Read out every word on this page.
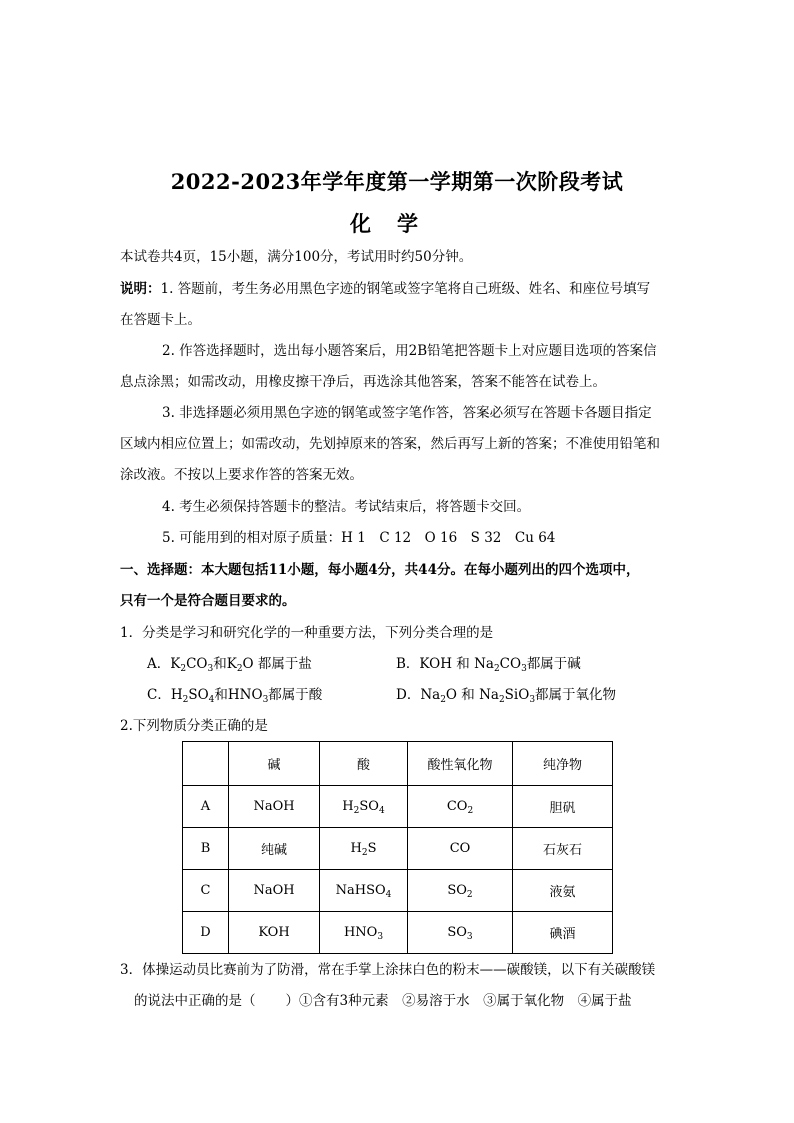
2022-2023年学年度第一学期第一次阶段考试
化学
本试卷共4页，15小题，满分100分，考试用时约50分钟。
说明：1. 答题前，考生务必用黑色字迹的钢笔或签字笔将自己班级、姓名、和座位号填写
在答题卡上。
2. 作答选择题时，选出每小题答案后，用2B铅笔把答题卡上对应题目选项的答案信
息点涂黑；如需改动，用橡皮擦干净后，再选涂其他答案，答案不能答在试卷上。
3. 非选择题必须用黑色字迹的钢笔或签字笔作答，答案必须写在答题卡各题目指定
区域内相应位置上；如需改动，先划掉原来的答案，然后再写上新的答案；不准使用铅笔和
涂改液。不按以上要求作答的答案无效。
4. 考生必须保持答题卡的整洁。考试结束后，将答题卡交回。
5. 可能用到的相对原子质量：H 1　C 12　O 16　S 32　Cu 64
一、选择题：本大题包括11小题，每小题4分，共44分。在每小题列出的四个选项中，
只有一个是符合题目要求的。
1．分类是学习和研究化学的一种重要方法，下列分类合理的是
A．$K_2CO_3$和$K_2O$ 都属于盐	B．KOH 和 $Na_2CO_3$都属于碱
C．$H_2SO_4$和$HNO_3$都属于酸	D．$Na_2O$ 和 $Na_2SiO_3$都属于氧化物
2.下列物质分类正确的是
	碱	酸	酸性氧化物	纯净物
A	NaOH	$H_2SO_4$	$CO_2$	胆矾
B	纯碱	$H_2S$	CO	石灰石
C	NaOH	NaHSO$_4$	$SO_2$	液氨
D	KOH	$HNO_3$	$SO_3$	碘酒
3．体操运动员比赛前为了防滑，常在手掌上涂抹白色的粉末——碳酸镁，以下有关碳酸镁
的说法中正确的是（ ）①含有3种元素　②易溶于水　③属于氧化物　④属于盐
